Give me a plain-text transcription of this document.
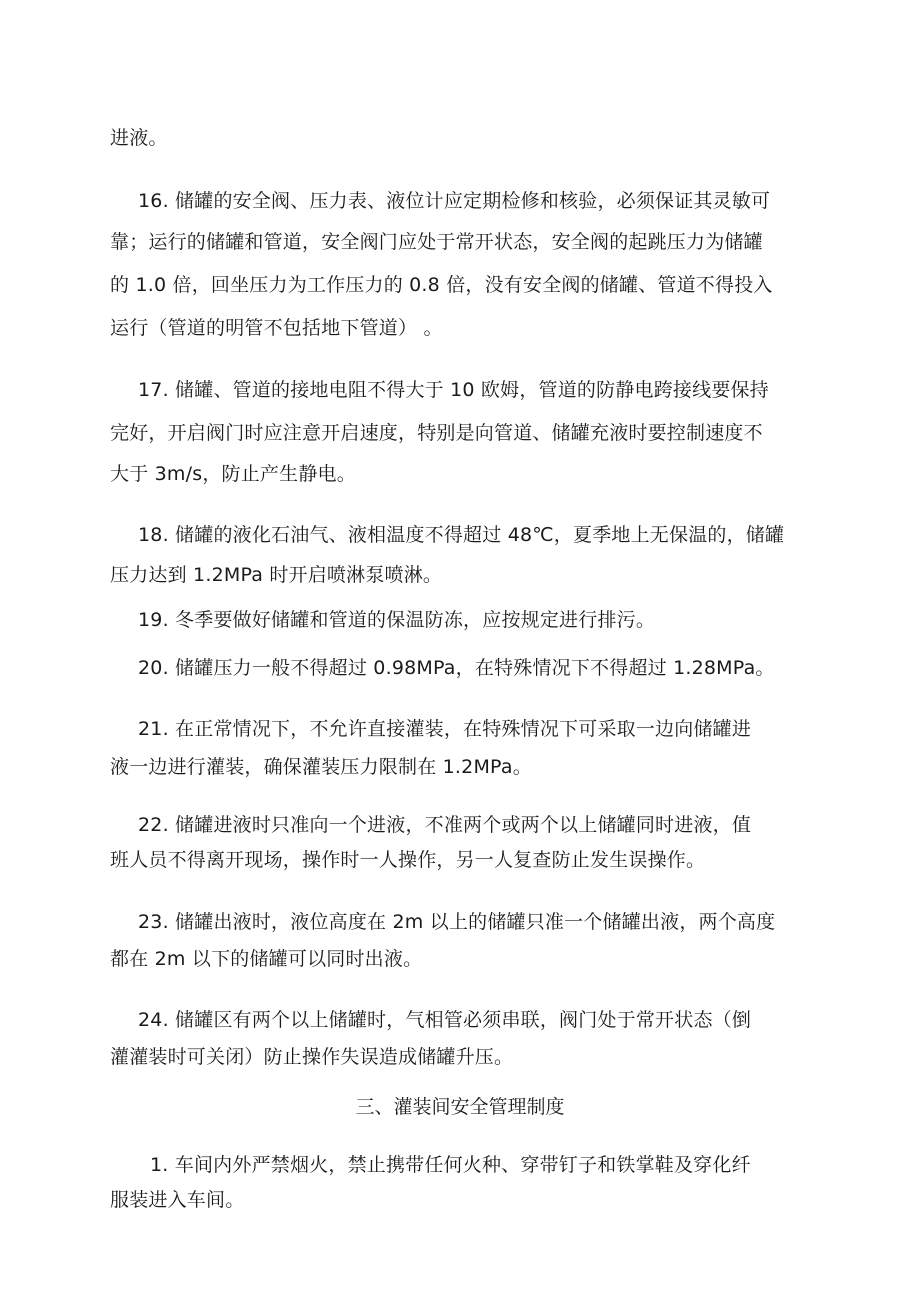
进液。
16. 储罐的安全阀、压力表、液位计应定期检修和核验，必须保证其灵敏可
靠；运行的储罐和管道，安全阀门应处于常开状态，安全阀的起跳压力为储罐
的 1.0 倍，回坐压力为工作压力的 0.8 倍，没有安全阀的储罐、管道不得投入
运行（管道的明管不包括地下管道） 。
17. 储罐、管道的接地电阻不得大于 10 欧姆，管道的防静电跨接线要保持
完好，开启阀门时应注意开启速度，特别是向管道、储罐充液时要控制速度不
大于 3m/s，防止产生静电。
18. 储罐的液化石油气、液相温度不得超过 48℃，夏季地上无保温的，储罐
压力达到 1.2MPa 时开启喷淋泵喷淋。
19. 冬季要做好储罐和管道的保温防冻，应按规定进行排污。
20. 储罐压力一般不得超过 0.98MPa，在特殊情况下不得超过 1.28MPa。
21. 在正常情况下，不允许直接灌装，在特殊情况下可采取一边向储罐进
液一边进行灌装，确保灌装压力限制在 1.2MPa。
22. 储罐进液时只准向一个进液，不准两个或两个以上储罐同时进液，值
班人员不得离开现场，操作时一人操作，另一人复查防止发生误操作。
23. 储罐出液时，液位高度在 2m 以上的储罐只准一个储罐出液，两个高度
都在 2m 以下的储罐可以同时出液。
24. 储罐区有两个以上储罐时，气相管必须串联，阀门处于常开状态（倒
灌灌装时可关闭）防止操作失误造成储罐升压。
三、灌装间安全管理制度
1. 车间内外严禁烟火，禁止携带任何火种、穿带钉子和铁掌鞋及穿化纤
服装进入车间。
